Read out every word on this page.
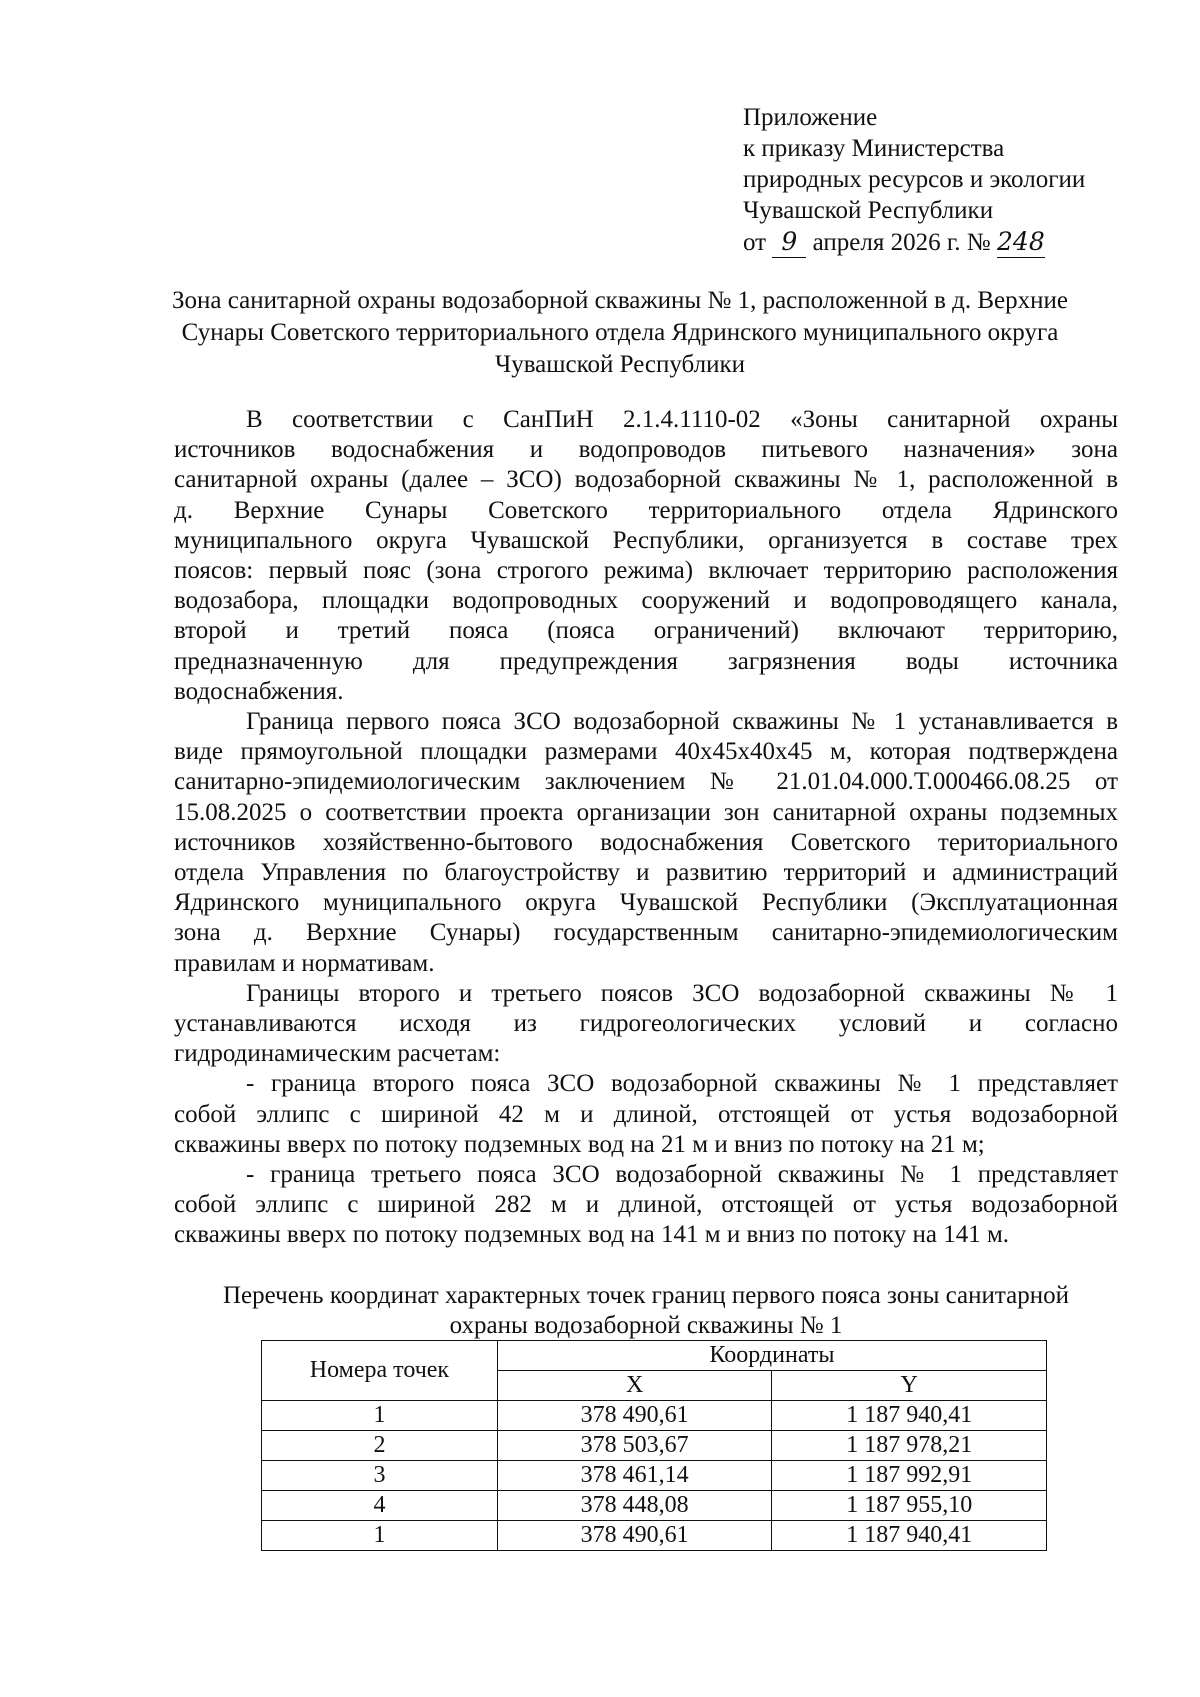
Приложение
к приказу Министерства
природных ресурсов и экологии
Чувашской Республики
от 9 апреля 2026 г. № 248
Зона санитарной охраны водозаборной скважины № 1, расположенной в д. Верхние
Сунары Советского территориального отдела Ядринского муниципального округа
Чувашской Республики
В соответствии с СанПиН 2.1.4.1110-02 «Зоны санитарной охраны
источников водоснабжения и водопроводов питьевого назначения» зона
санитарной охраны (далее – ЗСО) водозаборной скважины № 1, расположенной в
д. Верхние Сунары Советского территориального отдела Ядринского
муниципального округа Чувашской Республики, организуется в составе трех
поясов: первый пояс (зона строгого режима) включает территорию расположения
водозабора, площадки водопроводных сооружений и водопроводящего канала,
второй и третий пояса (пояса ограничений) включают территорию,
предназначенную для предупреждения загрязнения воды источника
водоснабжения.
Граница первого пояса ЗСО водозаборной скважины № 1 устанавливается в
виде прямоугольной площадки размерами 40х45х40х45 м, которая подтверждена
санитарно-эпидемиологическим заключением № 21.01.04.000.Т.000466.08.25 от
15.08.2025 о соответствии проекта организации зон санитарной охраны подземных
источников хозяйственно-бытового водоснабжения Советского териториального
отдела Управления по благоустройству и развитию территорий и администраций
Ядринского муниципального округа Чувашской Республики (Эксплуатационная
зона д. Верхние Сунары) государственным санитарно-эпидемиологическим
правилам и нормативам.
Границы второго и третьего поясов ЗСО водозаборной скважины № 1
устанавливаются исходя из гидрогеологических условий и согласно
гидродинамическим расчетам:
- граница второго пояса ЗСО водозаборной скважины № 1 представляет
собой эллипс с шириной 42 м и длиной, отстоящей от устья водозаборной
скважины вверх по потоку подземных вод на 21 м и вниз по потоку на 21 м;
- граница третьего пояса ЗСО водозаборной скважины № 1 представляет
собой эллипс с шириной 282 м и длиной, отстоящей от устья водозаборной
скважины вверх по потоку подземных вод на 141 м и вниз по потоку на 141 м.
Перечень координат характерных точек границ первого пояса зоны санитарной
охраны водозаборной скважины № 1
Номера точек	Координаты	
	X	Y
1	378 490,61	1 187 940,41
2	378 503,67	1 187 978,21
3	378 461,14	1 187 992,91
4	378 448,08	1 187 955,10
1	378 490,61	1 187 940,41
